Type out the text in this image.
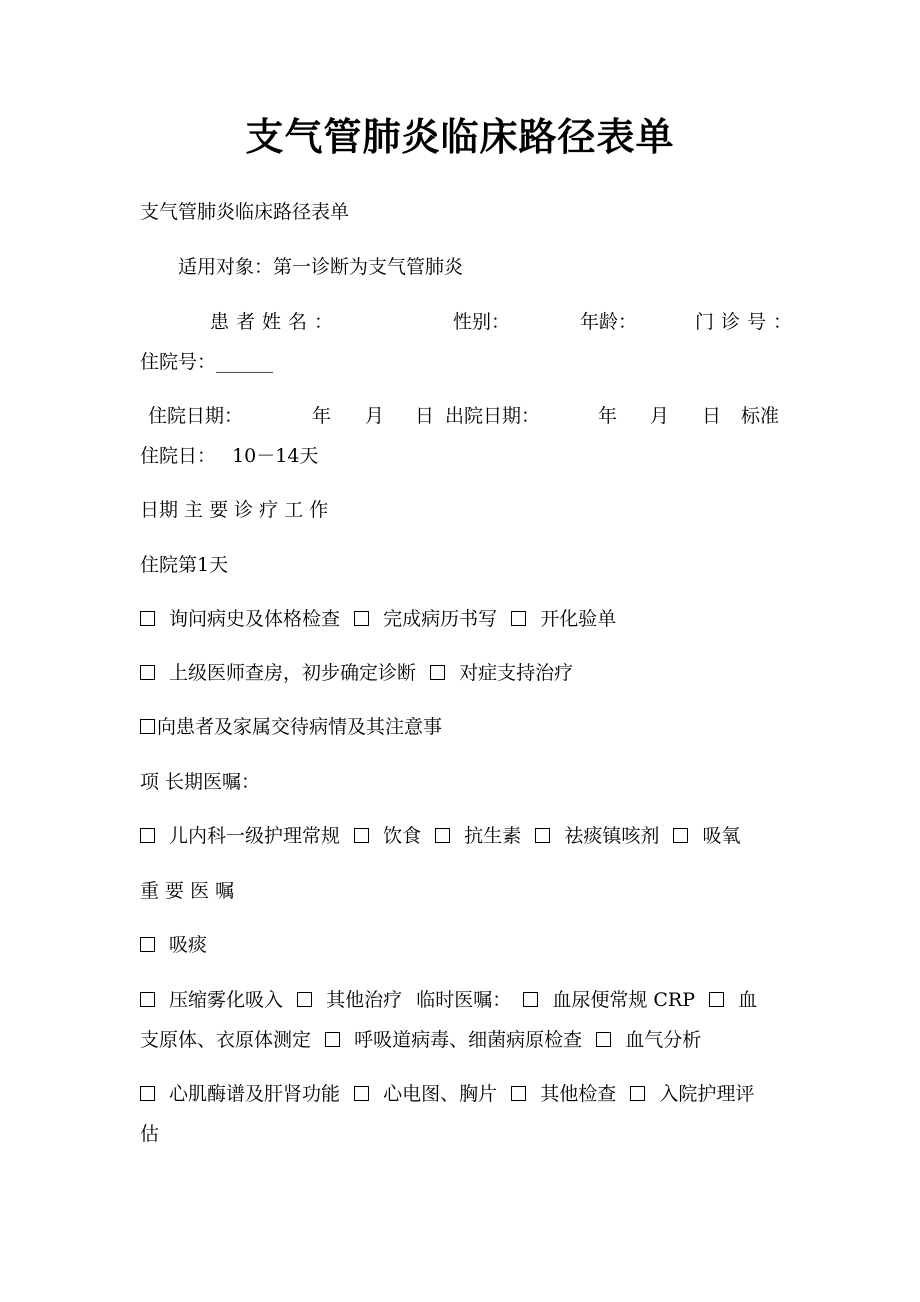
支气管肺炎临床路径表单
支气管肺炎临床路径表单
适用对象：第一诊断为支气管肺炎
患者姓名：	性别：	年龄：	门诊号：
住院号：______
住院日期：	年 月 日 出院日期：	年 月 日 标准
住院日： 10－14天
日期 主 要 诊 疗 工 作
住院第1天
询问病史及体格检查 完成病历书写 开化验单
上级医师查房，初步确定诊断 对症支持治疗
向患者及家属交待病情及其注意事
项 长期医嘱：
儿内科一级护理常规 饮食 抗生素 祛痰镇咳剂 吸氧
重 要 医 嘱
吸痰
压缩雾化吸入 其他治疗 临时医嘱： 血尿便常规 CRP 血
支原体、衣原体测定 呼吸道病毒、细菌病原检查 血气分析
心肌酶谱及肝肾功能 心电图、胸片 其他检查 入院护理评
估
